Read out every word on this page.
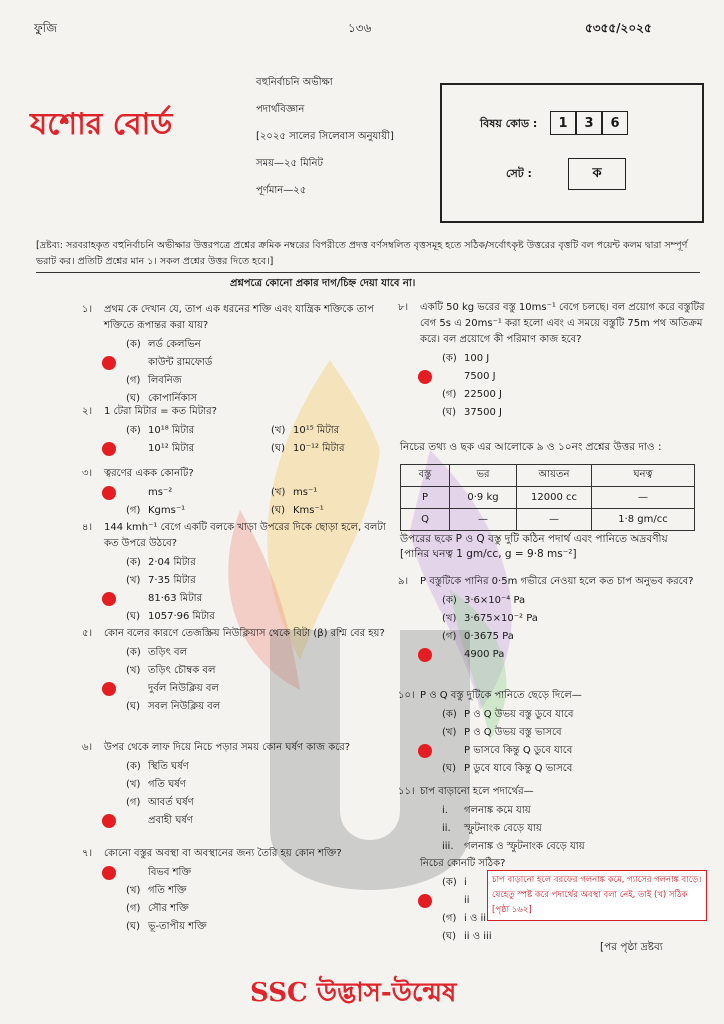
ফুজি	১৩৬	৫৩৫৫/২০২৫
যশোর বোর্ড
বহুনির্বাচনি অভীক্ষা
পদার্থবিজ্ঞান
[২০২৫ সালের সিলেবাস অনুযায়ী]
সময়—২৫ মিনিট
পূর্ণমান—২৫
বিষয় কোড :	1	3	6
সেট :	ক
[দ্রষ্টব্য: সরবরাহকৃত বহুনির্বাচনি অভীক্ষার উত্তরপত্রে প্রশ্নের ক্রমিক নম্বরের বিপরীতে প্রদত্ত বর্ণসম্বলিত বৃত্তসমূহ হতে সঠিক/সর্বোৎকৃষ্ট উত্তরের বৃত্তটি বল পয়েন্ট কলম দ্বারা সম্পূর্ণ ভরাট কর। প্রতিটি প্রশ্নের মান ১। সকল প্রশ্নের উত্তর দিতে হবে।]
প্রশ্নপত্রে কোনো প্রকার দাগ/চিহ্ন দেয়া যাবে না।
১। প্রথম কে দেখান যে, তাপ এক ধরনের শক্তি এবং যান্ত্রিক শক্তিকে তাপ শক্তিতে রূপান্তর করা যায়?
(ক) লর্ড কেলভিন
কাউন্ট রামফোর্ড
(গ) লিবনিজ
(ঘ) কোপার্নিকাস
২। 1 টেরা মিটার = কত মিটার?
(ক) 10¹⁸ মিটার	(খ) 10¹⁵ মিটার
10¹² মিটার	(ঘ) 10⁻¹² মিটার
৩। ত্বরণের একক কোনটি?
ms⁻²	(খ) ms⁻¹
(গ) Kgms⁻¹	(ঘ) Kms⁻¹
৪। 144 kmh⁻¹ বেগে একটি বলকে খাড়া উপরের দিকে ছোড়া হলে, বলটা কত উপরে উঠবে?
(ক) 2·04 মিটার
(খ) 7·35 মিটার
81·63 মিটার
(ঘ) 1057·96 মিটার
৫। কোন বলের কারণে তেজস্ক্রিয় নিউক্লিয়াস থেকে বিটা (β) রশ্মি বের হয়?
(ক) তড়িৎ বল
(খ) তড়িৎ চৌম্বক বল
দুর্বল নিউক্লিয় বল
(ঘ) সবল নিউক্লিয় বল
৬। উপর থেকে লাফ দিয়ে নিচে পড়ার সময় কোন ঘর্ষণ কাজ করে?
(ক) স্থিতি ঘর্ষণ
(খ) গতি ঘর্ষণ
(গ) আবর্ত ঘর্ষণ
প্রবাহী ঘর্ষণ
৭। কোনো বস্তুর অবস্থা বা অবস্থানের জন্য তৈরি হয় কোন শক্তি?
বিভব শক্তি
(খ) গতি শক্তি
(গ) সৌর শক্তি
(ঘ) ভূ-তাপীয় শক্তি
৮। একটি 50 kg ভরের বস্তু 10ms⁻¹ বেগে চলছে। বল প্রয়োগ করে বস্তুটির বেগ 5s এ 20ms⁻¹ করা হলো এবং এ সময়ে বস্তুটি 75m পথ অতিক্রম করে। বল প্রয়োগে কী পরিমাণ কাজ হবে?
(ক) 100 J
7500 J
(গ) 22500 J
(ঘ) 37500 J
৯। P বস্তুটিকে পানির 0·5m গভীরে নেওয়া হলে কত চাপ অনুভব করবে?
(ক) 3·6×10⁻⁴ Pa
(খ) 3·675×10⁻² Pa
(গ) 0·3675 Pa
4900 Pa
১০। P ও Q বস্তু দুটিকে পানিতে ছেড়ে দিলে—
(ক) P ও Q উভয় বস্তু ডুবে যাবে
(খ) P ও Q উভয় বস্তু ভাসবে
P ভাসবে কিন্তু Q ডুবে যাবে
(ঘ) P ডুবে যাবে কিন্তু Q ভাসবে
১১। চাপ বাড়ানো হলে পদার্থের—
i.	গলনাঙ্ক কমে যায়
ii.	স্ফুটনাংক বেড়ে যায়
iii.	গলনাঙ্ক ও স্ফুটনাংক বেড়ে যায়
নিচের কোনটি সঠিক?
(ক) i
ii
(গ) i ও ii
(ঘ) ii ও iii
নিচের তথ্য ও ছক এর আলোকে ৯ ও ১০নং প্রশ্নের উত্তর দাও :
বস্তু	ভর	আয়তন	ঘনত্ব
P	0·9 kg	12000 cc	—
Q	—	—	1·8 gm/cc
উপরের ছকে P ও Q বস্তু দুটি কঠিন পদার্থ এবং পানিতে অদ্রবণীয় [পানির ঘনত্ব 1 gm/cc, g = 9·8 ms⁻²]
চাপ বাড়ানো হলে বরফের গলনাঙ্ক কমে, গ্যাসের গলনাঙ্ক বাড়ে। যেহেতু স্পষ্ট করে পদার্থের অবস্থা বলা নেই, তাই (খ) সঠিক [পৃষ্ঠা ১৬২]
[পর পৃষ্ঠা দ্রষ্টব্য
SSC উদ্ভাস-উন্মেষ
